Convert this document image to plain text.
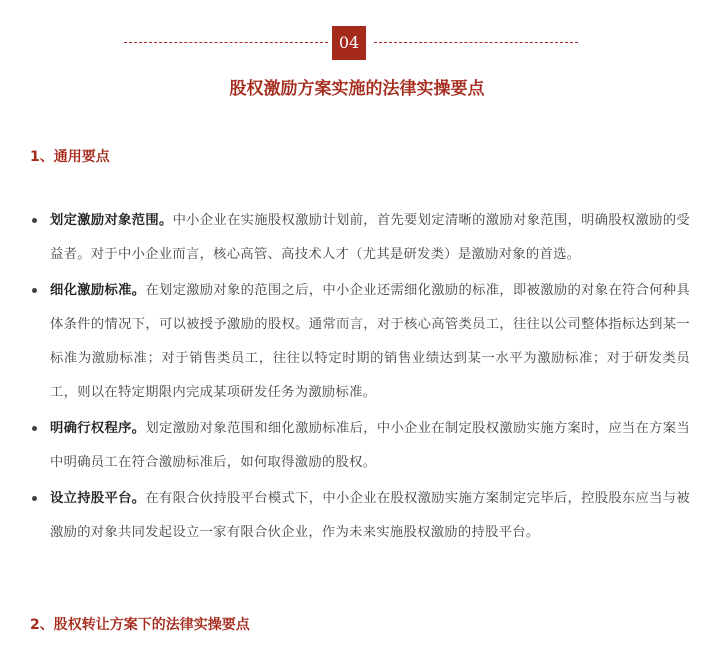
04
股权激励方案实施的法律实操要点
1、通用要点
划定激励对象范围。中小企业在实施股权激励计划前，首先要划定清晰的激励对象范围，明确股权激励的受益者。对于中小企业而言，核心高管、高技术人才（尤其是研发类）是激励对象的首选。
细化激励标准。在划定激励对象的范围之后，中小企业还需细化激励的标准，即被激励的对象在符合何种具体条件的情况下，可以被授予激励的股权。通常而言，对于核心高管类员工，往往以公司整体指标达到某一标准为激励标准；对于销售类员工，往往以特定时期的销售业绩达到某一水平为激励标准；对于研发类员工，则以在特定期限内完成某项研发任务为激励标准。
明确行权程序。划定激励对象范围和细化激励标准后，中小企业在制定股权激励实施方案时，应当在方案当中明确员工在符合激励标准后，如何取得激励的股权。
设立持股平台。在有限合伙持股平台模式下，中小企业在股权激励实施方案制定完毕后，控股股东应当与被激励的对象共同发起设立一家有限合伙企业，作为未来实施股权激励的持股平台。
2、股权转让方案下的法律实操要点
